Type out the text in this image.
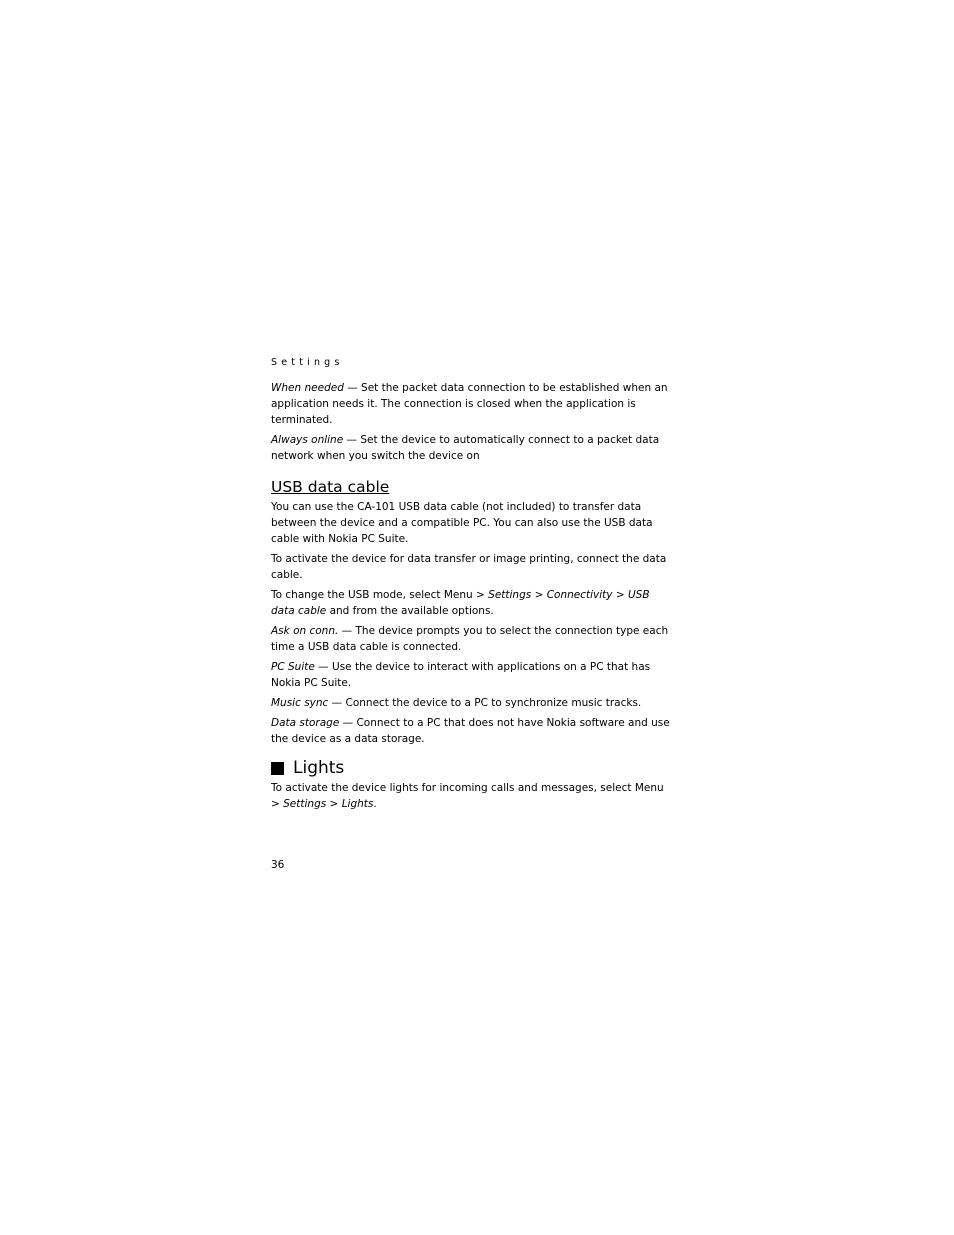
Settings

When needed — Set the packet data connection to be established when an application needs it. The connection is closed when the application is terminated.

Always online — Set the device to automatically connect to a packet data network when you switch the device on

USB data cable

You can use the CA-101 USB data cable (not included) to transfer data between the device and a compatible PC. You can also use the USB data cable with Nokia PC Suite.

To activate the device for data transfer or image printing, connect the data cable.

To change the USB mode, select Menu > Settings > Connectivity > USB data cable and from the available options.

Ask on conn. — The device prompts you to select the connection type each time a USB data cable is connected.

PC Suite — Use the device to interact with applications on a PC that has Nokia PC Suite.

Music sync — Connect the device to a PC to synchronize music tracks.

Data storage — Connect to a PC that does not have Nokia software and use the device as a data storage.

Lights

To activate the device lights for incoming calls and messages, select Menu > Settings > Lights.

36
